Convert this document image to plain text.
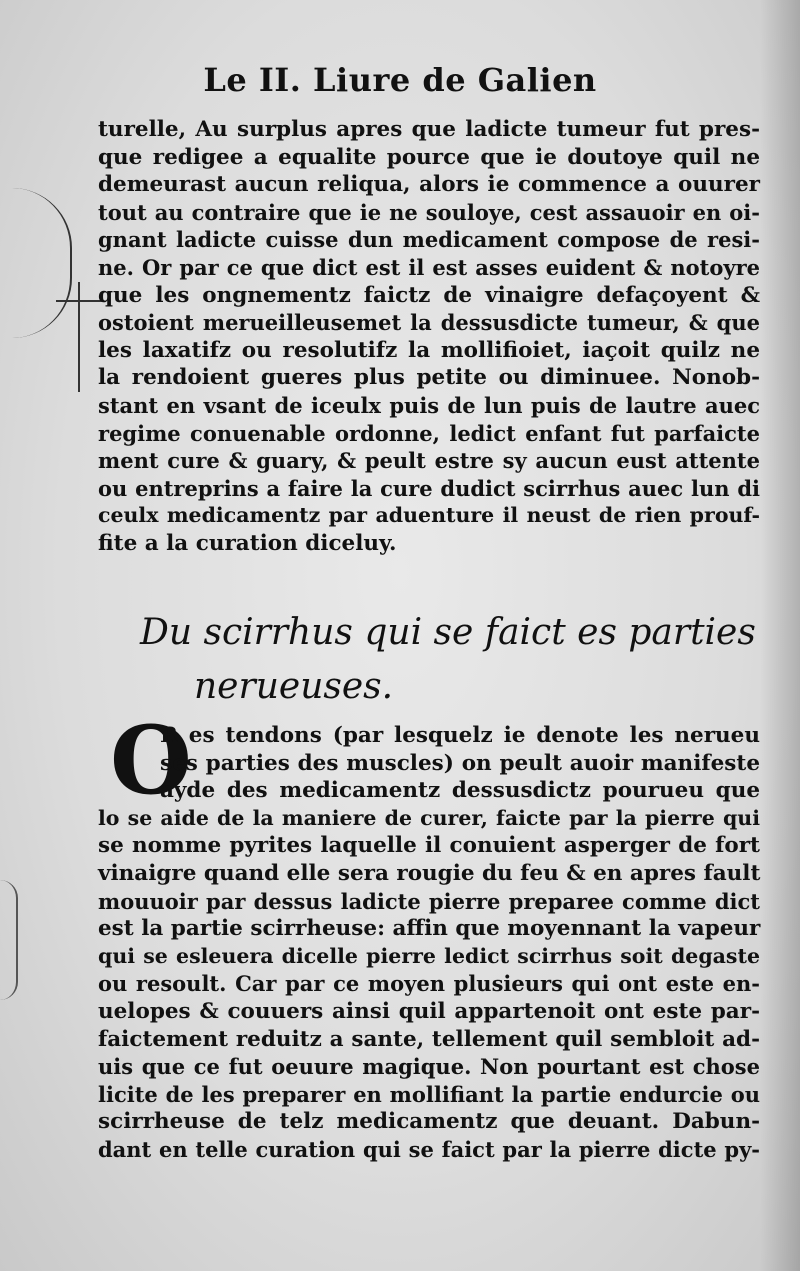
Le II. Liure de Galien
turelle, Au surplus apres que ladicte tumeur fut pres-
que redigee a equalite pource que ie doutoye quil ne
demeurast aucun reliqua, alors ie commence a ouurer
tout au contraire que ie ne souloye, cest assauoir en oi-
gnant ladicte cuisse dun medicament compose de resi-
ne. Or par ce que dict est il est asses euident & notoyre
que les ongnementz faictz de vinaigre defaçoyent &
ostoient merueilleusemet la dessusdicte tumeur, & que
les laxatifz ou resolutifz la mollifioiet, iaçoit quilz ne
la rendoient gueres plus petite ou diminuee. Nonob-
stant en vsant de iceulx puis de lun puis de lautre auec
regime conuenable ordonne, ledict enfant fut parfaicte
ment cure & guary, & peult estre sy aucun eust attente
ou entreprins a faire la cure dudict scirrhus auec lun di
ceulx medicamentz par aduenture il neust de rien prouf-
fite a la curation diceluy.
Du scirrhus qui se faict es parties
nerueuses.
O
R es tendons (par lesquelz ie denote les nerueu
ses parties des muscles) on peult auoir manifeste
ayde des medicamentz dessusdictz pourueu que
lo se aide de la maniere de curer, faicte par la pierre qui
se nomme pyrites laquelle il conuient asperger de fort
vinaigre quand elle sera rougie du feu & en apres fault
mouuoir par dessus ladicte pierre preparee comme dict
est la partie scirrheuse: affin que moyennant la vapeur
qui se esleuera dicelle pierre ledict scirrhus soit degaste
ou resoult. Car par ce moyen plusieurs qui ont este en-
uelopes & couuers ainsi quil appartenoit ont este par-
faictement reduitz a sante, tellement quil sembloit ad-
uis que ce fut oeuure magique. Non pourtant est chose
licite de les preparer en mollifiant la partie endurcie ou
scirrheuse de telz medicamentz que deuant. Dabun-
dant en telle curation qui se faict par la pierre dicte py-
